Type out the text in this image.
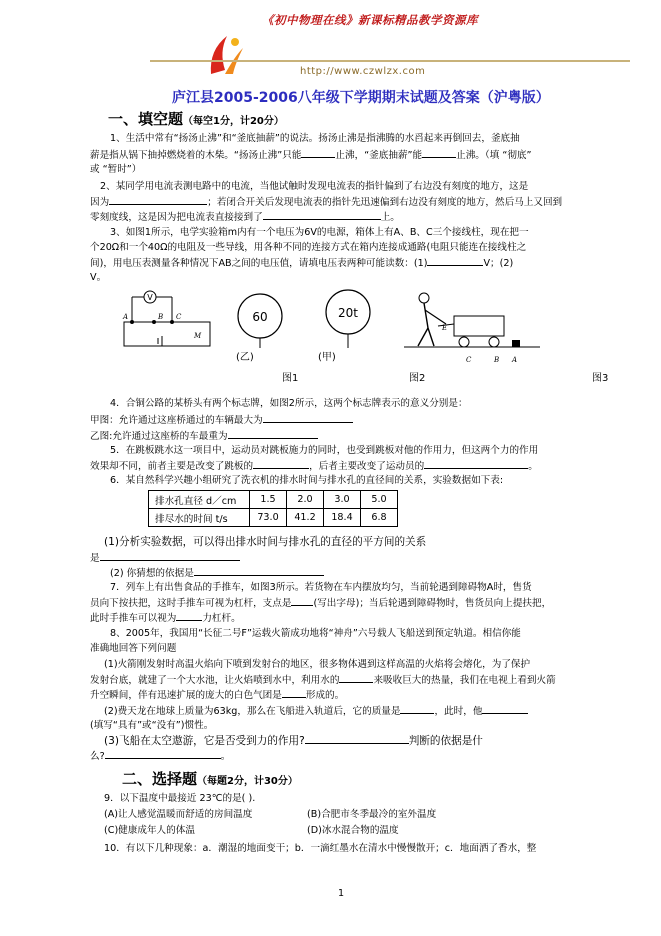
《初中物理在线》新课标精品教学资源库
http://www.czwlzx.com
庐江县2005-2006八年级下学期期末试题及答案（沪粤版）
一、填空题（每空1分，计20分）
1、生活中常有“扬汤止沸”和“釜底抽薪”的说法。扬汤止沸是指沸腾的水舀起来再倒回去，釜底抽
薪是指从锅下抽掉燃烧着的木柴。“扬汤止沸”只能	止沸，“釜底抽薪”能	止沸。（填 “彻底”
或 “暂时”）
2、某同学用电流表测电路中的电流，当他试触时发现电流表的指针偏到了右边没有刻度的地方，这是
因为	；若闭合开关后发现电流表的指针先迅速偏到右边没有刻度的地方，然后马上又回到
零刻度线，这是因为把电流表直接接到了	上。
3、如图1所示，电学实验箱m内有一个电压为6V的电源，箱体上有A、B、C三个接线柱，现在把一
个20Ω和一个40Ω的电阻及一些导线，用各种不同的连接方式在箱内连接成通路(电阻只能连在接线柱之
间)，用电压表测量各种情况下AB之间的电压值，请填电压表两种可能读数：(1)	V；(2)
V。
V
A	B C
M
60
(乙)
20t
(甲)
E
C	B A
图1	图2	图3
4．合铜公路的某桥头有两个标志牌，如图2所示，这两个标志牌表示的意义分别是：
甲图：允许通过这座桥通过的车辆最大为
乙图:允许通过这座桥的车最重为
5．在跳板跳水这一项目中，运动员对跳板施力的同时，也受到跳板对他的作用力，但这两个力的作用
效果却不同，前者主要是改变了跳板的	，后者主要改变了运动员的	。
6．某自然科学兴趣小组研究了洗衣机的排水时间与排水孔的直径间的关系，实验数据如下表:
排水孔直径 d／cm	1.5	2.0	3.0	5.0
排尽水的时间 t/s	73.0	41.2	18.4	6.8
(1)分析实验数据，可以得出排水时间与排水孔的直径的平方间的关系
是
(2) 你猜想的依据是
7．列车上有出售食品的手推车，如图3所示。若货物在车内摆放均匀，当前轮遇到障碍物A时，售货
员向下按扶把，这时手推车可视为杠杆，支点是 (写出字母)；当后轮遇到障碍物时，售货员向上提扶把，
此时手推车可以视为	力杠杆。
8、2005年，我国用“长征二号F”运载火箭成功地将“神舟”六号载人飞船送到预定轨道。相信你能
准确地回答下列问题
(1)火箭刚发射时高温火焰向下喷到发射台的地区，很多物体遇到这样高温的火焰将会熔化，为了保护
发射台底，就建了一个大水池，让火焰喷到水中，利用水的	来吸收巨大的热量，我们在电视上看到火箭
升空瞬间，伴有迅速扩展的庞大的白色气团是	形成的。
(2)费天龙在地球上质量为63kg，那么在飞船进入轨道后，它的质量是	，此时，他
(填写“具有”或“没有”)惯性。
(3)飞船在太空遨游，它是否受到力的作用?	判断的依据是什
么?	。
二、选择题（每题2分，计30分）
9．以下温度中最接近 23℃的是( ).
(A)让人感觉温暖而舒适的房间温度	(B)合肥市冬季最冷的室外温度
(C)健康成年人的体温	(D)冰水混合物的温度
10．有以下几种现象：a．潮湿的地面变干；b．一滴红墨水在清水中慢慢散开；c．地面洒了香水，整
1
